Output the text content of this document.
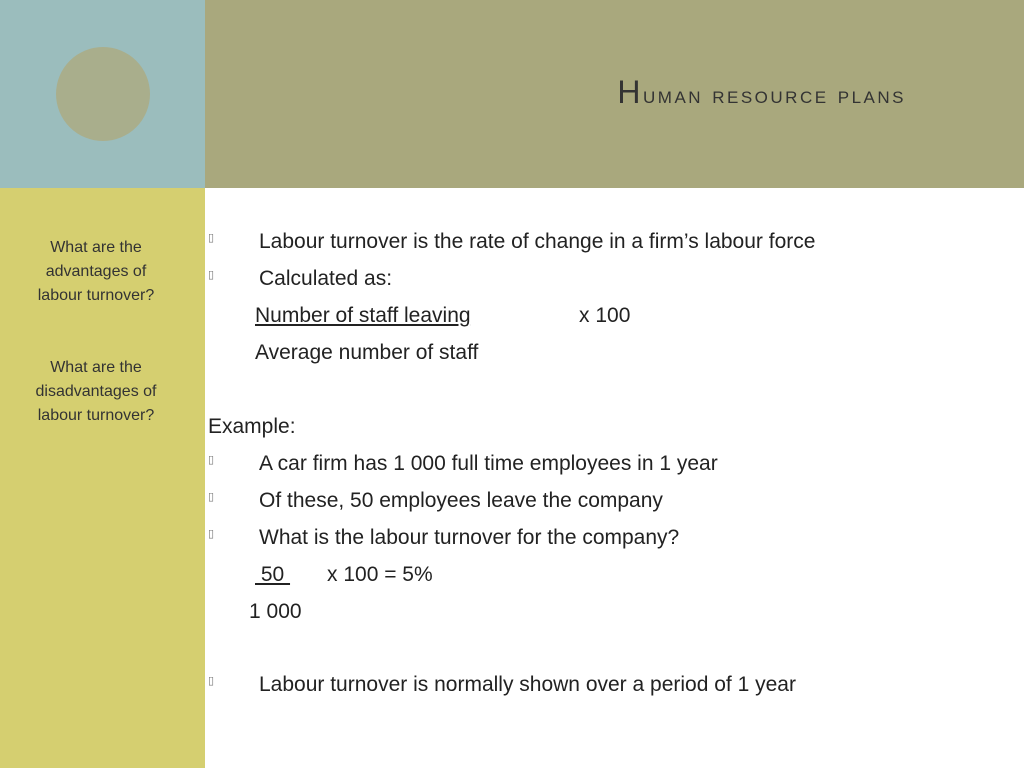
Human resource plans
What are the advantages of labour turnover?
What are the disadvantages of labour turnover?
▯ Labour turnover is the rate of change in a firm’s labour force
▯ Calculated as:
Number of staff leaving	x 100
Average number of staff
Example:
▯ A car firm has 1 000 full time employees in 1 year
▯ Of these, 50 employees leave the company
▯ What is the labour turnover for the company?
50 x 100 = 5%
1 000
▯ Labour turnover is normally shown over a period of 1 year
